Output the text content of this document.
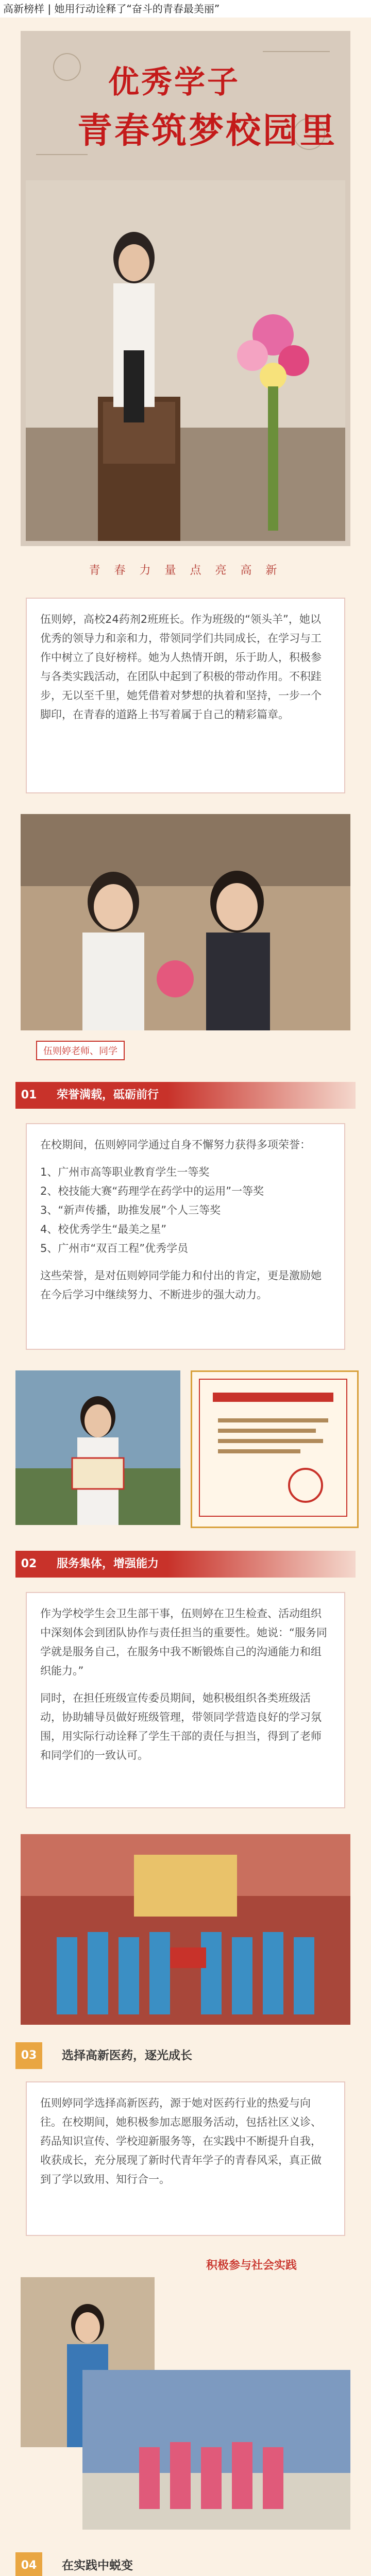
高新榜样 | 她用行动诠释了“奋斗的青春最美丽”
优秀学子
青春筑梦校园里
青 春 力 量 点 亮 高 新

伍则婷，高校24药剂2班班长。作为班级的“领头羊”，她以优秀的领导力和亲和力，带领同学们共同成长，在学习与工作中树立了良好榜样。她为人热情开朗，乐于助人，积极参与各类实践活动，在团队中起到了积极的带动作用。不积跬步，无以至千里，她凭借着对梦想的执着和坚持，一步一个脚印，在青春的道路上书写着属于自己的精彩篇章。

伍则婷老师、同学
01	荣誉满载，砥砺前行

在校期间，伍则婷同学通过自身不懈努力获得多项荣誉：

1、广州市高等职业教育学生一等奖
2、校技能大赛“药理学在药学中的运用”一等奖
3、“新声传播，助推发展”个人三等奖
4、校优秀学生“最美之星”
5、广州市“双百工程”优秀学员

这些荣誉，是对伍则婷同学能力和付出的肯定，更是激励她在今后学习中继续努力、不断进步的强大动力。

02	服务集体，增强能力

作为学校学生会卫生部干事，伍则婷在卫生检查、活动组织中深刻体会到团队协作与责任担当的重要性。她说：“服务同学就是服务自己，在服务中我不断锻炼自己的沟通能力和组织能力。”

同时，在担任班级宣传委员期间，她积极组织各类班级活动，协助辅导员做好班级管理，带领同学营造良好的学习氛围，用实际行动诠释了学生干部的责任与担当，得到了老师和同学们的一致认可。

03	选择高新医药，逐光成长

伍则婷同学选择高新医药，源于她对医药行业的热爱与向往。在校期间，她积极参加志愿服务活动，包括社区义诊、药品知识宣传、学校迎新服务等，在实践中不断提升自我，收获成长，充分展现了新时代青年学子的青春风采，真正做到了学以致用、知行合一。

积极参与社会实践
04	在实践中蜕变
